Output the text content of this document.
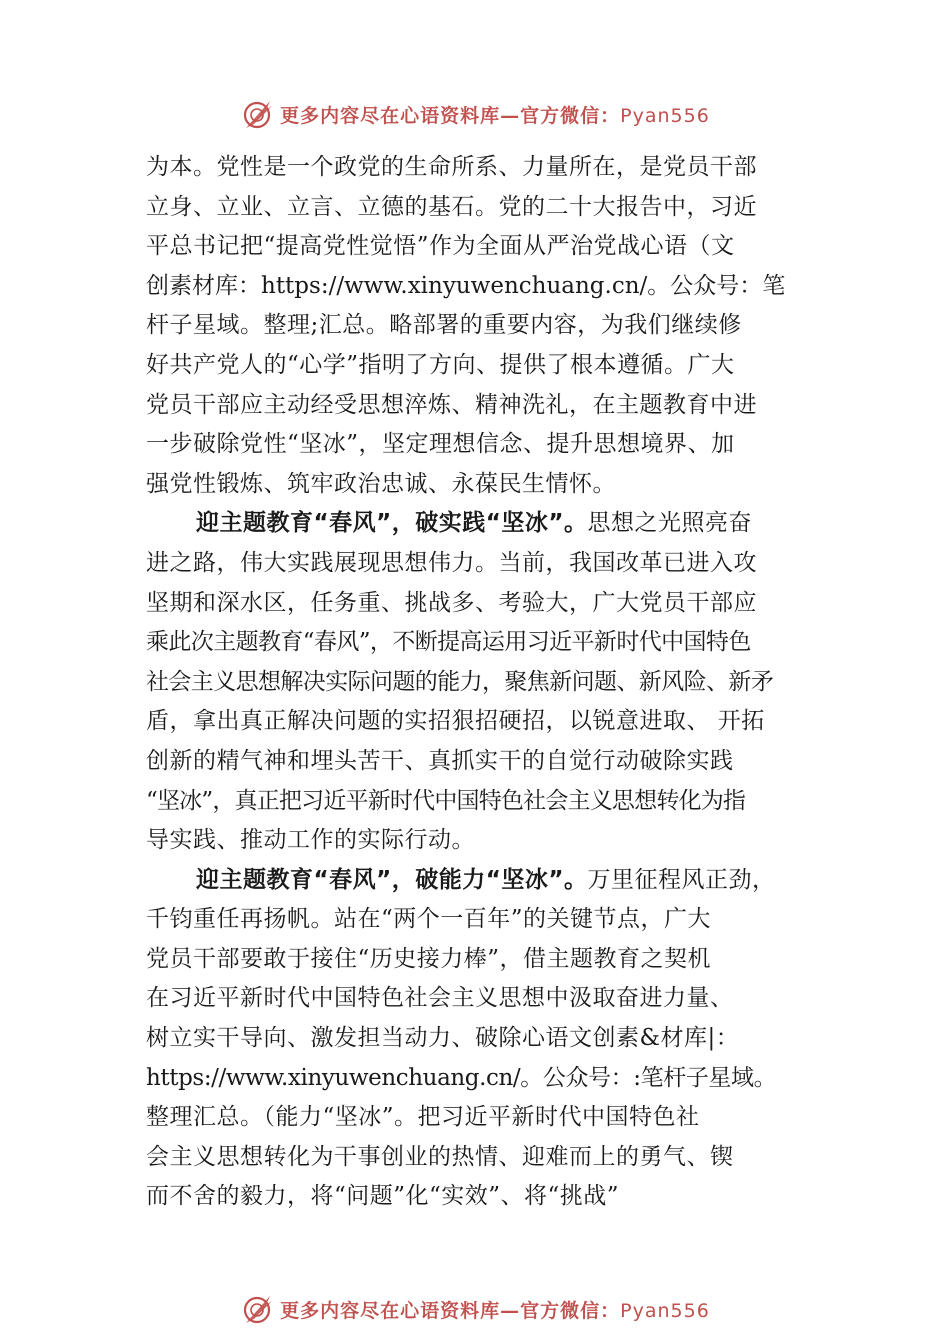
更多内容尽在心语资料库—官方微信：Pyan556
为本。党性是一个政党的生命所系、力量所在，是党员干部
立身、立业、立言、立德的基石。党的二十大报告中，习近
平总书记把“提高党性觉悟”作为全面从严治党战心语（文
创素材库：https://www.xinyuwenchuang.cn/。公众号：笔
杆子星域。整理;汇总。略部署的重要内容，为我们继续修
好共产党人的“心学”指明了方向、提供了根本遵循。广大
党员干部应主动经受思想淬炼、精神洗礼，在主题教育中进
一步破除党性“坚冰”，坚定理想信念、提升思想境界、加
强党性锻炼、筑牢政治忠诚、永葆民生情怀。
迎主题教育“春风”，破实践“坚冰”。思想之光照亮奋
进之路，伟大实践展现思想伟力。当前，我国改革已进入攻
坚期和深水区，任务重、挑战多、考验大，广大党员干部应
乘此次主题教育“春风”，不断提高运用习近平新时代中国特色
社会主义思想解决实际问题的能力，聚焦新问题、新风险、新矛
盾，拿出真正解决问题的实招狠招硬招，以锐意进取、 开拓
创新的精气神和埋头苦干、真抓实干的自觉行动破除实践
“坚冰”，真正把习近平新时代中国特色社会主义思想转化为指
导实践、推动工作的实际行动。
迎主题教育“春风”，破能力“坚冰”。万里征程风正劲，
千钧重任再扬帆。站在“两个一百年”的关键节点，广大
党员干部要敢于接住“历史接力棒”，借主题教育之契机
在习近平新时代中国特色社会主义思想中汲取奋进力量、
树立实干导向、激发担当动力、破除心语文创素&材库|：
https://www.xinyuwenchuang.cn/。公众号：:笔杆子星域。
整理汇总。（能力“坚冰”。把习近平新时代中国特色社
会主义思想转化为干事创业的热情、迎难而上的勇气、锲
而不舍的毅力，将“问题”化“实效”、将“挑战”
更多内容尽在心语资料库—官方微信：Pyan556
